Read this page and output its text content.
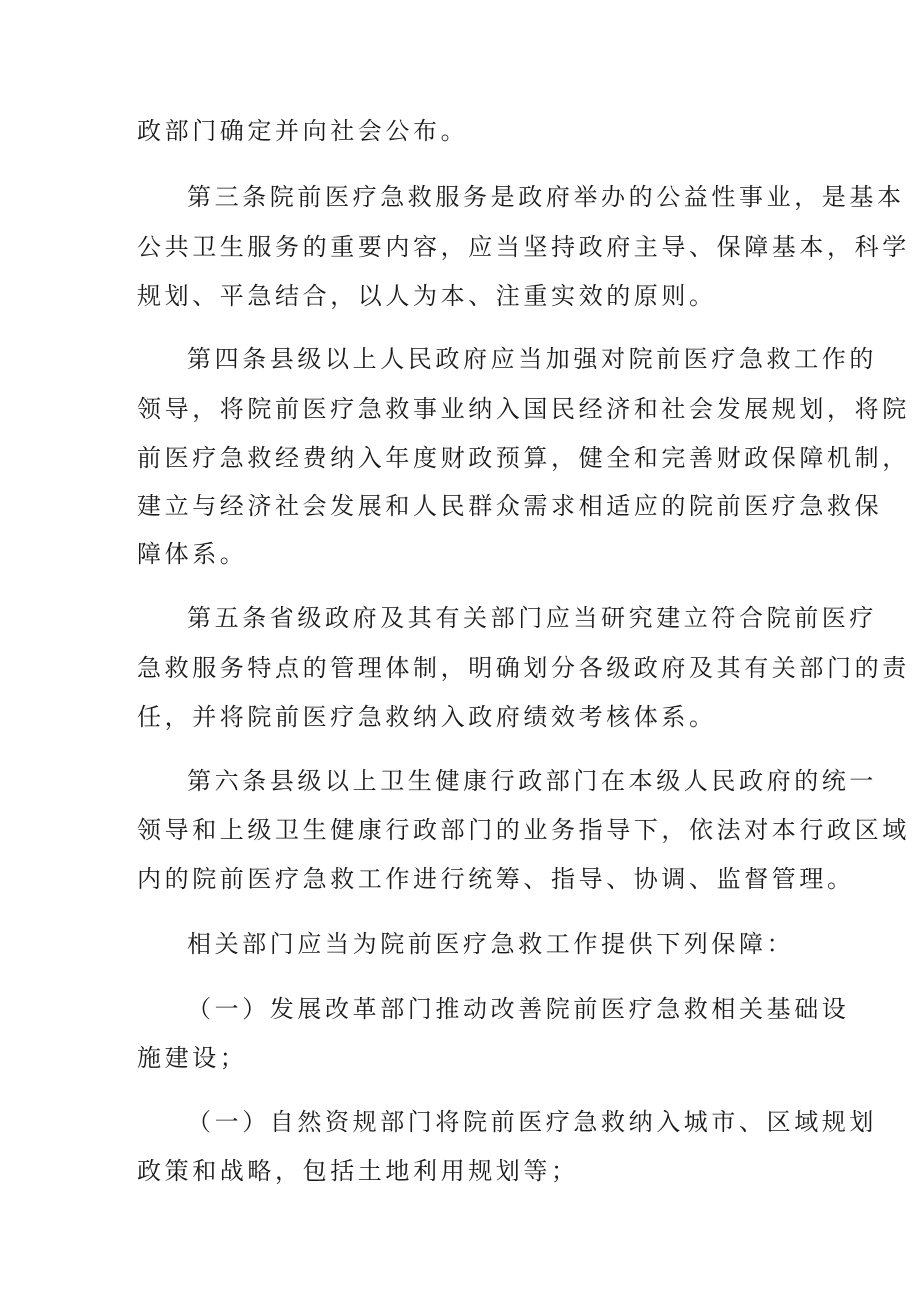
政部门确定并向社会公布。
第三条院前医疗急救服务是政府举办的公益性事业，是基本
公共卫生服务的重要内容，应当坚持政府主导、保障基本，科学
规划、平急结合，以人为本、注重实效的原则。
第四条县级以上人民政府应当加强对院前医疗急救工作的
领导，将院前医疗急救事业纳入国民经济和社会发展规划，将院
前医疗急救经费纳入年度财政预算，健全和完善财政保障机制，
建立与经济社会发展和人民群众需求相适应的院前医疗急救保
障体系。
第五条省级政府及其有关部门应当研究建立符合院前医疗
急救服务特点的管理体制，明确划分各级政府及其有关部门的责
任，并将院前医疗急救纳入政府绩效考核体系。
第六条县级以上卫生健康行政部门在本级人民政府的统一
领导和上级卫生健康行政部门的业务指导下，依法对本行政区域
内的院前医疗急救工作进行统筹、指导、协调、监督管理。
相关部门应当为院前医疗急救工作提供下列保障：
（一）发展改革部门推动改善院前医疗急救相关基础设
施建设；
（一）自然资规部门将院前医疗急救纳入城市、区域规划
政策和战略，包括土地利用规划等；
